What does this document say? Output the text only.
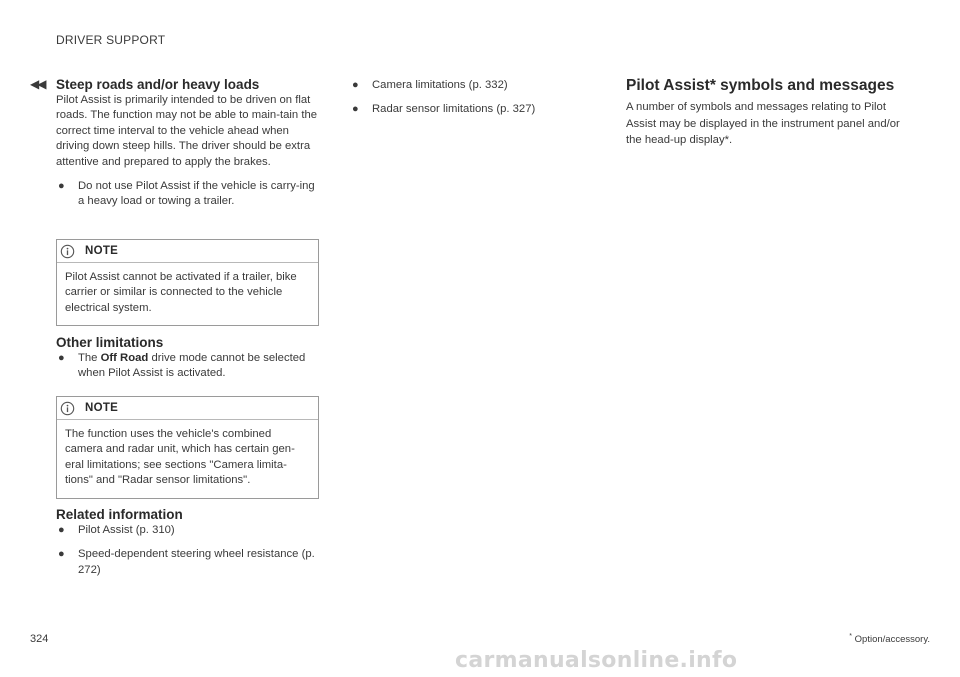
DRIVER SUPPORT
◀◀ Steep roads and/or heavy loads

Pilot Assist is primarily intended to be driven on flat roads. The function may not be able to main-tain the correct time interval to the vehicle ahead when driving down steep hills. The driver should be extra attentive and prepared to apply the brakes.

● Do not use Pilot Assist if the vehicle is carry-ing a heavy load or towing a trailer.
NOTE
Pilot Assist cannot be activated if a trailer, bike carrier or similar is connected to the vehicle electrical system.
Other limitations
● The Off Road drive mode cannot be selected when Pilot Assist is activated.
NOTE
The function uses the vehicle's combined camera and radar unit, which has certain gen-eral limitations; see sections "Camera limita-tions" and "Radar sensor limitations".
Related information
● Pilot Assist (p. 310)
● Speed-dependent steering wheel resistance (p. 272)
● Camera limitations (p. 332)
● Radar sensor limitations (p. 327)
Pilot Assist* symbols and messages

A number of symbols and messages relating to Pilot Assist may be displayed in the instrument panel and/or the head-up display*.

324	* Option/accessory.
carmanualsonline.info
